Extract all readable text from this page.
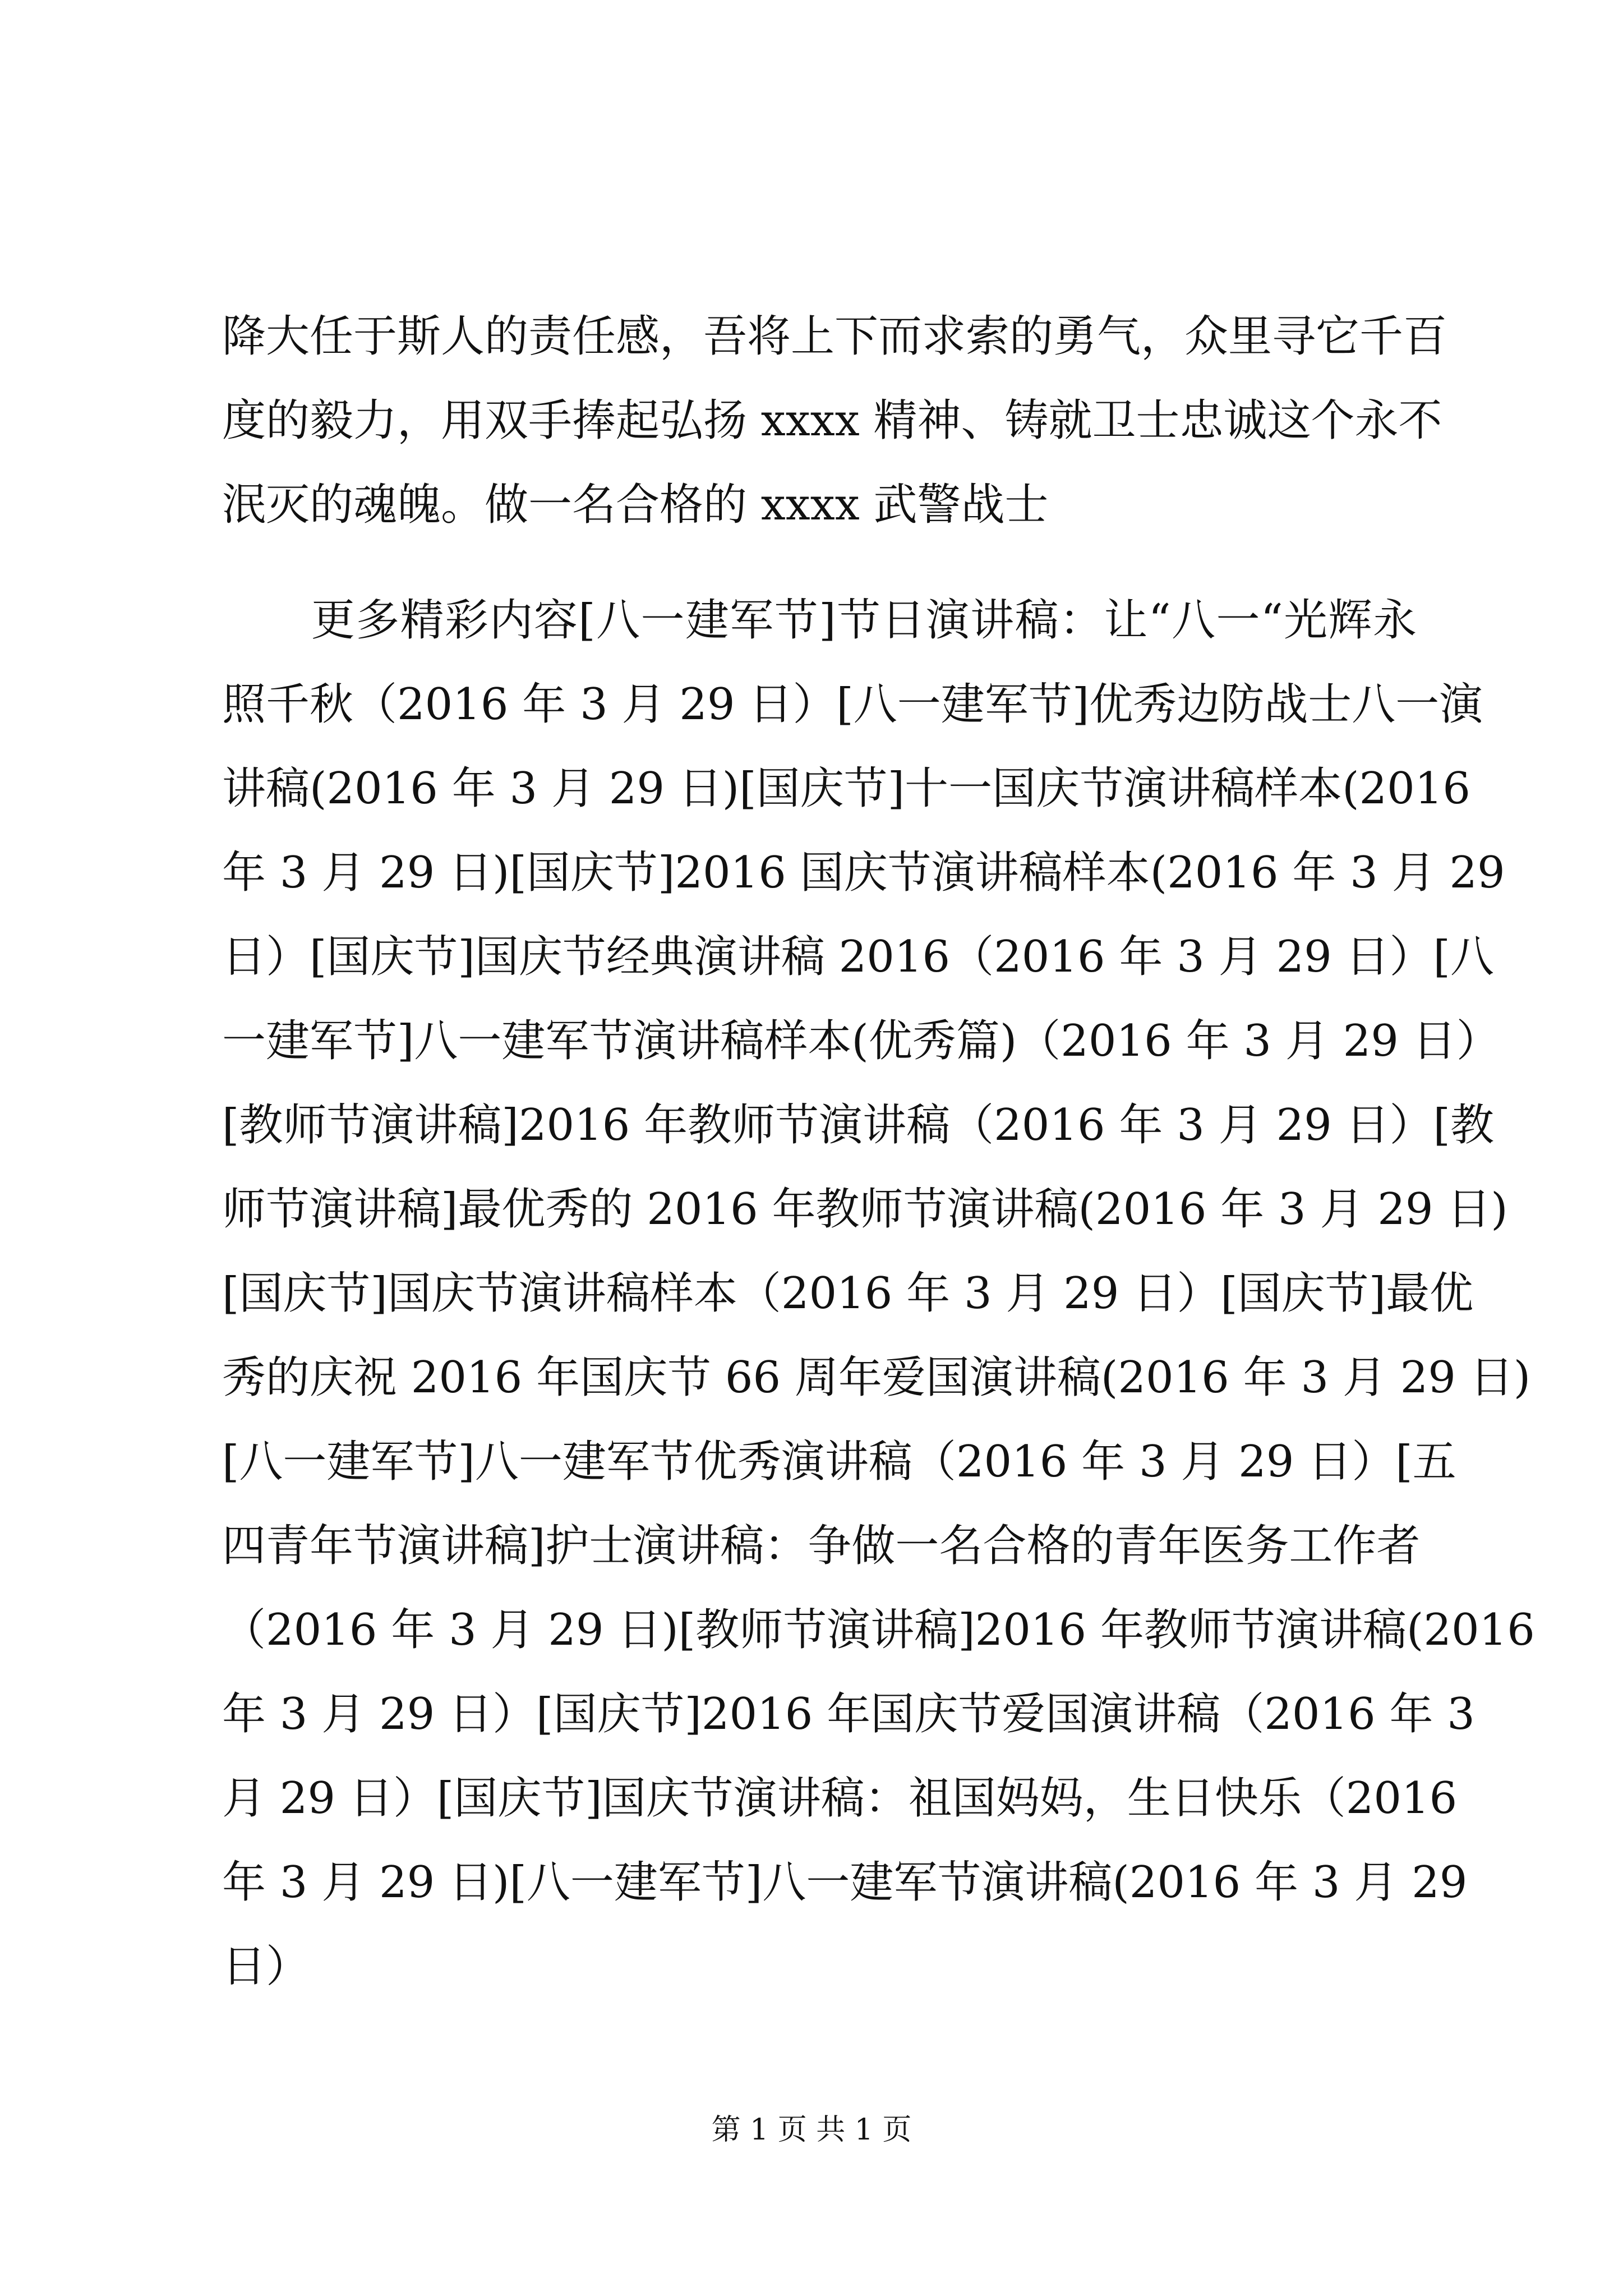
降大任于斯人的责任感，吾将上下而求索的勇气，众里寻它千百
度的毅力，用双手捧起弘扬 xxxx 精神、铸就卫士忠诚这个永不
泯灭的魂魄。做一名合格的 xxxx 武警战士
　　更多精彩内容[八一建军节]节日演讲稿：让“八一“光辉永
照千秋（2016 年 3 月 29 日）[八一建军节]优秀边防战士八一演
讲稿(2016 年 3 月 29 日)[国庆节]十一国庆节演讲稿样本(2016
年 3 月 29 日)[国庆节]2016 国庆节演讲稿样本(2016 年 3 月 29
日）[国庆节]国庆节经典演讲稿 2016（2016 年 3 月 29 日）[八
一建军节]八一建军节演讲稿样本(优秀篇)（2016 年 3 月 29 日）
[教师节演讲稿]2016 年教师节演讲稿（2016 年 3 月 29 日）[教
师节演讲稿]最优秀的 2016 年教师节演讲稿(2016 年 3 月 29 日)
[国庆节]国庆节演讲稿样本（2016 年 3 月 29 日）[国庆节]最优
秀的庆祝 2016 年国庆节 66 周年爱国演讲稿(2016 年 3 月 29 日)
[八一建军节]八一建军节优秀演讲稿（2016 年 3 月 29 日）[五
四青年节演讲稿]护士演讲稿：争做一名合格的青年医务工作者
（2016 年 3 月 29 日)[教师节演讲稿]2016 年教师节演讲稿(2016
年 3 月 29 日）[国庆节]2016 年国庆节爱国演讲稿（2016 年 3
月 29 日）[国庆节]国庆节演讲稿：祖国妈妈，生日快乐（2016
年 3 月 29 日)[八一建军节]八一建军节演讲稿(2016 年 3 月 29
日）
第 1 页 共 1 页
